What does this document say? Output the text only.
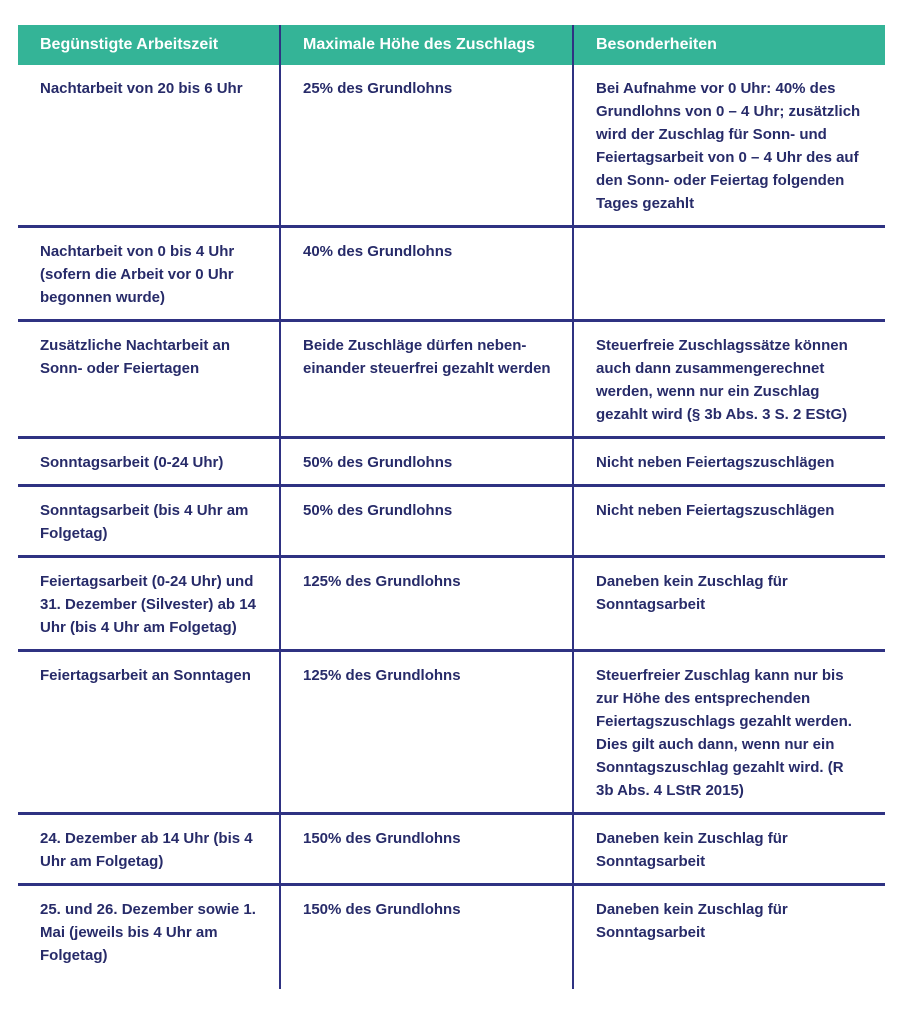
Begünstigte Arbeitszeit	Maximale Höhe des Zuschlags	Besonderheiten
Nachtarbeit von 20 bis 6 Uhr	25% des Grundlohns	Bei Aufnahme vor 0 Uhr: 40% des Grundlohns von 0 – 4 Uhr; zusätzlich wird der Zuschlag für Sonn- und Feiertagsarbeit von 0 – 4 Uhr des auf den Sonn- oder Feiertag folgenden Tages gezahlt
Nachtarbeit von 0 bis 4 Uhr (sofern die Arbeit vor 0 Uhr begonnen wurde)	40% des Grundlohns	
Zusätzliche Nachtarbeit an Sonn- oder Feiertagen	Beide Zuschläge dürfen nebeneinander steuerfrei gezahlt werden	Steuerfreie Zuschlagssätze können auch dann zusammengerechnet werden, wenn nur ein Zuschlag gezahlt wird (§ 3b Abs. 3 S. 2 EStG)
Sonntagsarbeit (0-24 Uhr)	50% des Grundlohns	Nicht neben Feiertagszuschlägen
Sonntagsarbeit (bis 4 Uhr am Folgetag)	50% des Grundlohns	Nicht neben Feiertagszuschlägen
Feiertagsarbeit (0-24 Uhr) und 31. Dezember (Silvester) ab 14 Uhr (bis 4 Uhr am Folgetag)	125% des Grundlohns	Daneben kein Zuschlag für Sonntagsarbeit
Feiertagsarbeit an Sonntagen	125% des Grundlohns	Steuerfreier Zuschlag kann nur bis zur Höhe des entsprechenden Feiertagszuschlags gezahlt werden. Dies gilt auch dann, wenn nur ein Sonntagszuschlag gezahlt wird. (R 3b Abs. 4 LStR 2015)
24. Dezember ab 14 Uhr (bis 4 Uhr am Folgetag)	150% des Grundlohns	Daneben kein Zuschlag für Sonntagsarbeit
25. und 26. Dezember sowie 1. Mai (jeweils bis 4 Uhr am Folgetag)	150% des Grundlohns	Daneben kein Zuschlag für Sonntagsarbeit
